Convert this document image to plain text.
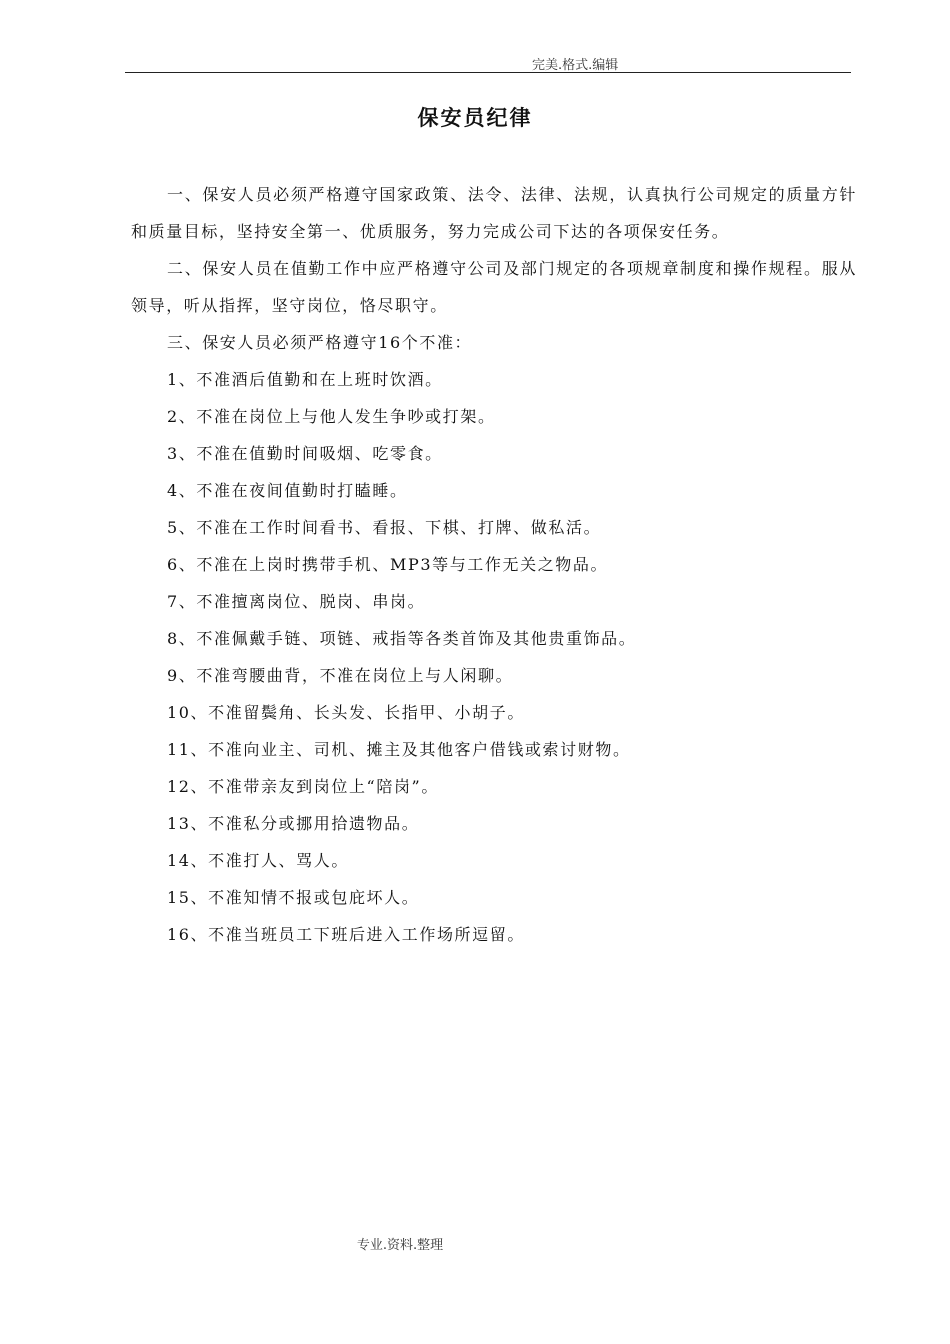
完美.格式.编辑
保安员纪律

一、保安人员必须严格遵守国家政策、法令、法律、法规，认真执行公司规定的质量方针和质量目标，坚持安全第一、优质服务，努力完成公司下达的各项保安任务。

二、保安人员在值勤工作中应严格遵守公司及部门规定的各项规章制度和操作规程。服从领导，听从指挥，坚守岗位，恪尽职守。

三、保安人员必须严格遵守16个不准：

1、不准酒后值勤和在上班时饮酒。

2、不准在岗位上与他人发生争吵或打架。

3、不准在值勤时间吸烟、吃零食。

4、不准在夜间值勤时打瞌睡。

5、不准在工作时间看书、看报、下棋、打牌、做私活。

6、不准在上岗时携带手机、MP3等与工作无关之物品。

7、不准擅离岗位、脱岗、串岗。

8、不准佩戴手链、项链、戒指等各类首饰及其他贵重饰品。

9、不准弯腰曲背，不准在岗位上与人闲聊。

10、不准留鬓角、长头发、长指甲、小胡子。

11、不准向业主、司机、摊主及其他客户借钱或索讨财物。

12、不准带亲友到岗位上“陪岗”。

13、不准私分或挪用拾遗物品。

14、不准打人、骂人。

15、不准知情不报或包庇坏人。

16、不准当班员工下班后进入工作场所逗留。

专业.资料.整理
